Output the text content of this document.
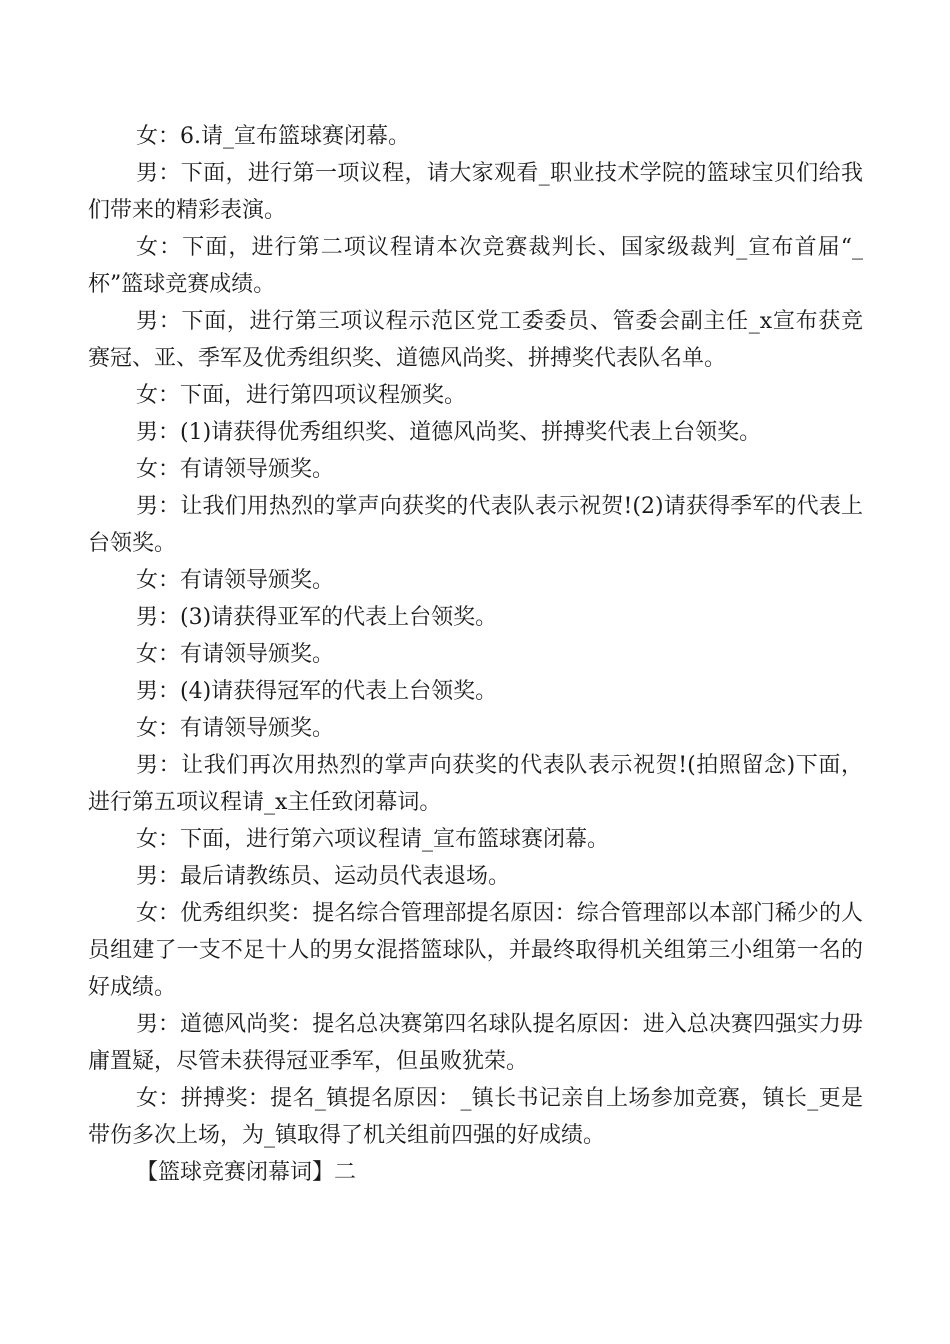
女：6.请_宣布篮球赛闭幕。

男：下面，进行第一项议程，请大家观看_职业技术学院的篮球宝贝们给我们带来的精彩表演。

女：下面，进行第二项议程请本次竞赛裁判长、国家级裁判_宣布首届“_杯”篮球竞赛成绩。

男：下面，进行第三项议程示范区党工委委员、管委会副主任_x宣布获竞赛冠、亚、季军及优秀组织奖、道德风尚奖、拼搏奖代表队名单。

女：下面，进行第四项议程颁奖。

男：(1)请获得优秀组织奖、道德风尚奖、拼搏奖代表上台领奖。

女：有请领导颁奖。

男：让我们用热烈的掌声向获奖的代表队表示祝贺!(2)请获得季军的代表上台领奖。

女：有请领导颁奖。

男：(3)请获得亚军的代表上台领奖。

女：有请领导颁奖。

男：(4)请获得冠军的代表上台领奖。

女：有请领导颁奖。

男：让我们再次用热烈的掌声向获奖的代表队表示祝贺!(拍照留念)下面，进行第五项议程请_x主任致闭幕词。

女：下面，进行第六项议程请_宣布篮球赛闭幕。

男：最后请教练员、运动员代表退场。

女：优秀组织奖：提名综合管理部提名原因：综合管理部以本部门稀少的人员组建了一支不足十人的男女混搭篮球队，并最终取得机关组第三小组第一名的好成绩。

男：道德风尚奖：提名总决赛第四名球队提名原因：进入总决赛四强实力毋庸置疑，尽管未获得冠亚季军，但虽败犹荣。

女：拼搏奖：提名_镇提名原因：_镇长书记亲自上场参加竞赛，镇长_更是带伤多次上场，为_镇取得了机关组前四强的好成绩。

【篮球竞赛闭幕词】二
